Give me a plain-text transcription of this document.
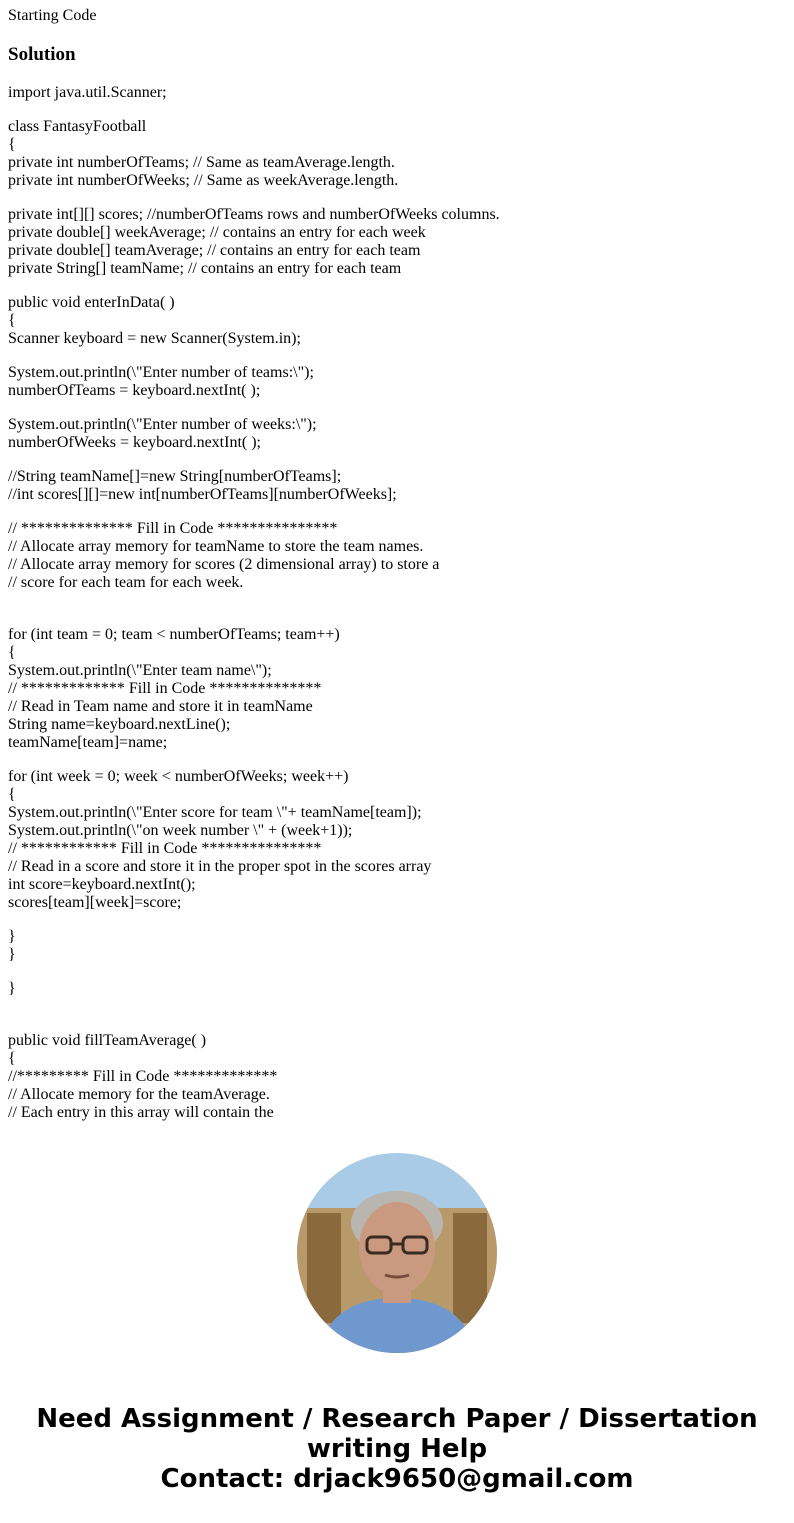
Starting Code
Solution
import java.util.Scanner;
class FantasyFootball
{
private int numberOfTeams; // Same as teamAverage.length.
private int numberOfWeeks; // Same as weekAverage.length.
private int[][] scores; //numberOfTeams rows and numberOfWeeks columns.
private double[] weekAverage; // contains an entry for each week
private double[] teamAverage; // contains an entry for each team
private String[] teamName; // contains an entry for each team
public void enterInData( )
{
Scanner keyboard = new Scanner(System.in);
System.out.println(\"Enter number of teams:\");
numberOfTeams = keyboard.nextInt( );
System.out.println(\"Enter number of weeks:\");
numberOfWeeks = keyboard.nextInt( );
//String teamName[]=new String[numberOfTeams];
//int scores[][]=new int[numberOfTeams][numberOfWeeks];
// ************** Fill in Code ***************
// Allocate array memory for teamName to store the team names.
// Allocate array memory for scores (2 dimensional array) to store a
// score for each team for each week.
for (int team = 0; team < numberOfTeams; team++)
{
System.out.println(\"Enter team name\");
// ************* Fill in Code **************
// Read in Team name and store it in teamName
String name=keyboard.nextLine();
teamName[team]=name;
for (int week = 0; week < numberOfWeeks; week++)
{
System.out.println(\"Enter score for team \"+ teamName[team]);
System.out.println(\"on week number \" + (week+1));
// ************ Fill in Code ***************
// Read in a score and store it in the proper spot in the scores array
int score=keyboard.nextInt();
scores[team][week]=score;
}
}
}
public void fillTeamAverage( )
{
//********* Fill in Code *************
// Allocate memory for the teamAverage.
// Each entry in this array will contain the
Need Assignment / Research Paper / Dissertation
writing Help
Contact: drjack9650@gmail.com
